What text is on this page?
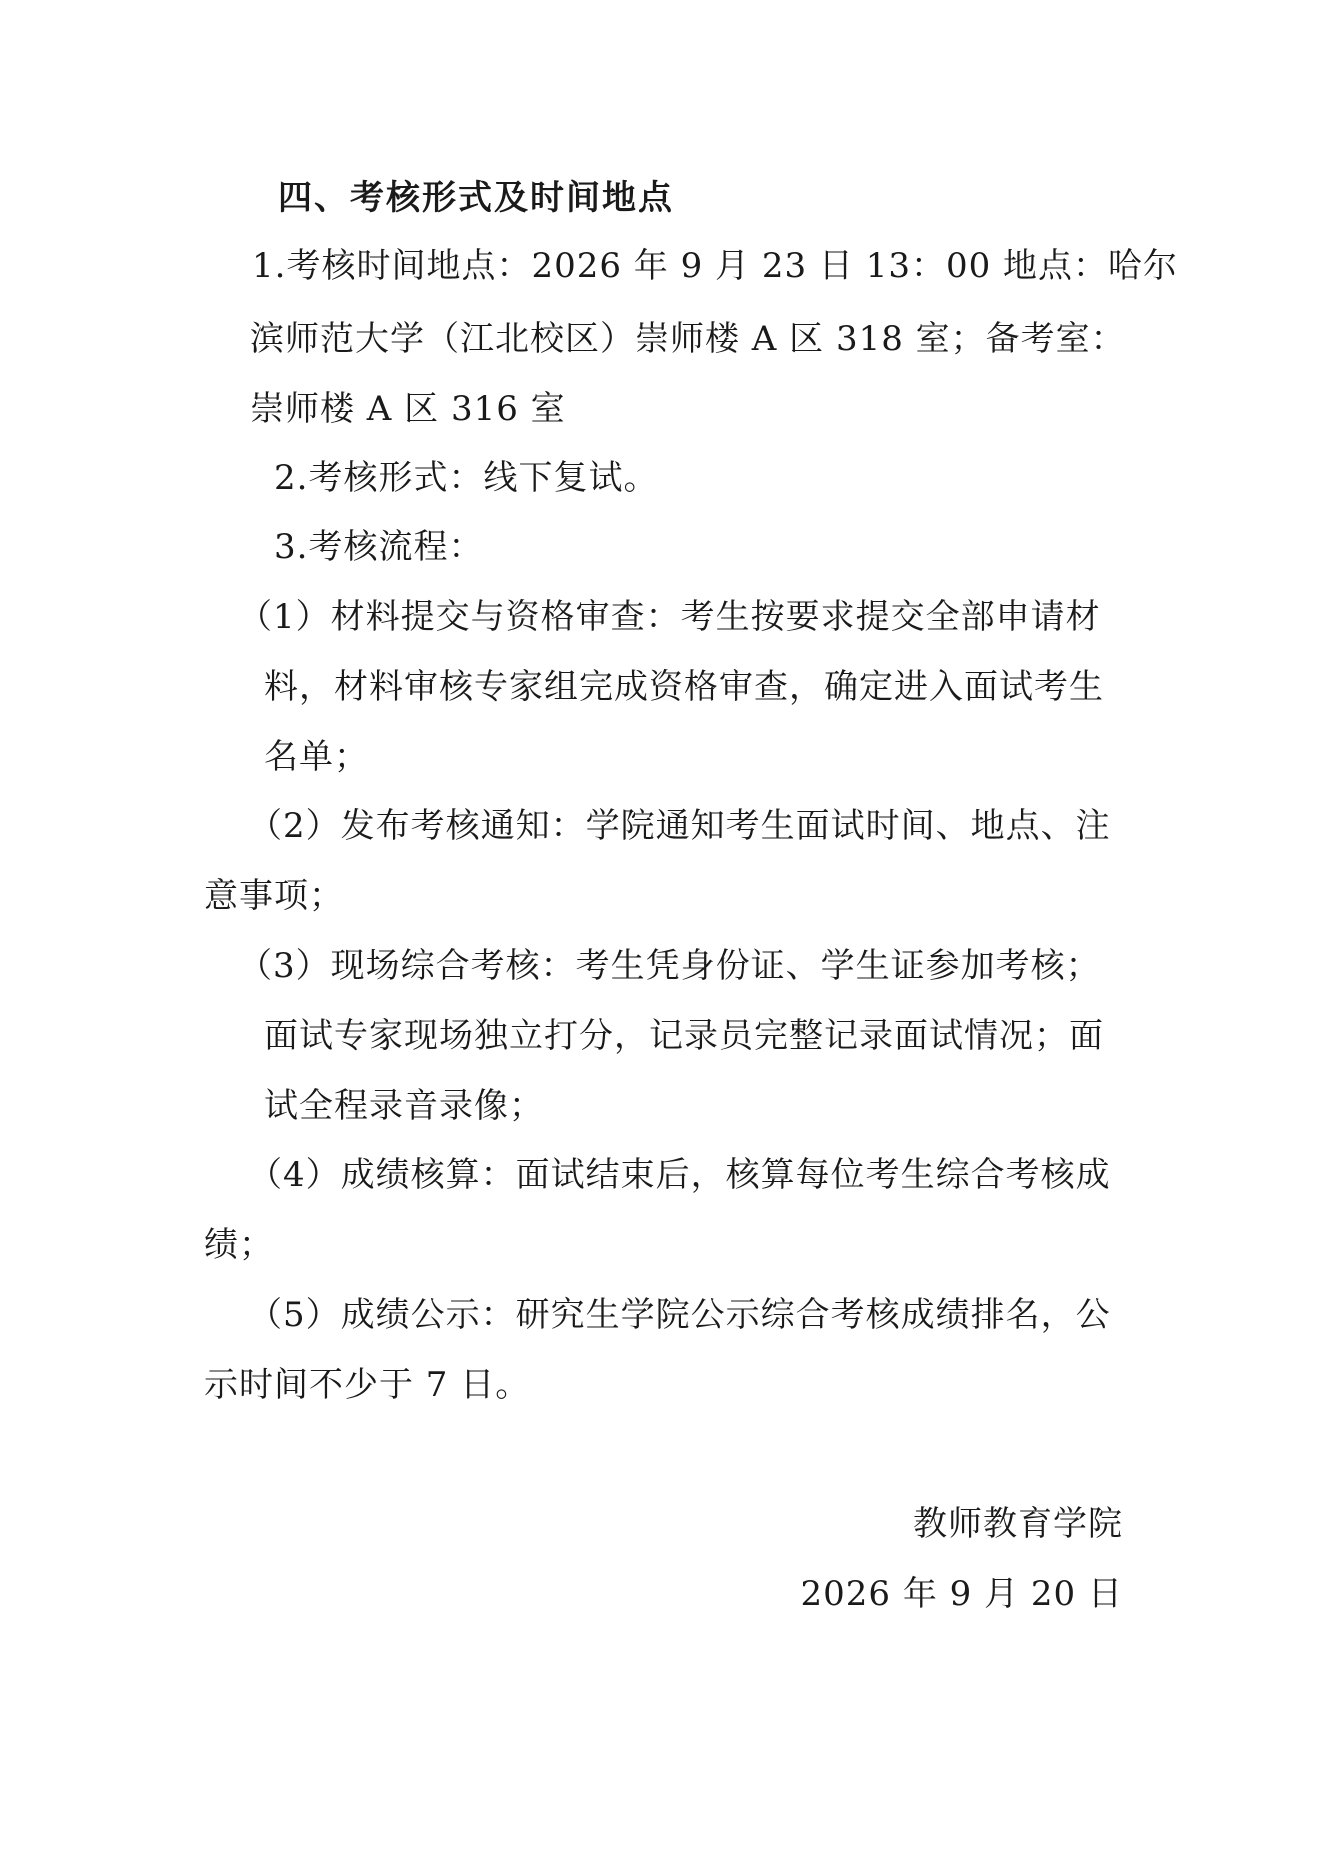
四、考核形式及时间地点
1.考核时间地点：2026 年 9 月 23 日 13：00 地点：哈尔
滨师范大学（江北校区）崇师楼 A 区 318 室；备考室：
崇师楼 A 区 316 室
2.考核形式：线下复试。
3.考核流程：
（1）材料提交与资格审查：考生按要求提交全部申请材
料，材料审核专家组完成资格审查，确定进入面试考生
名单；
（2）发布考核通知：学院通知考生面试时间、地点、注
意事项；
（3）现场综合考核：考生凭身份证、学生证参加考核；
面试专家现场独立打分，记录员完整记录面试情况；面
试全程录音录像；
（4）成绩核算：面试结束后，核算每位考生综合考核成
绩；
（5）成绩公示：研究生学院公示综合考核成绩排名，公
示时间不少于 7 日。
教师教育学院
2026 年 9 月 20 日
